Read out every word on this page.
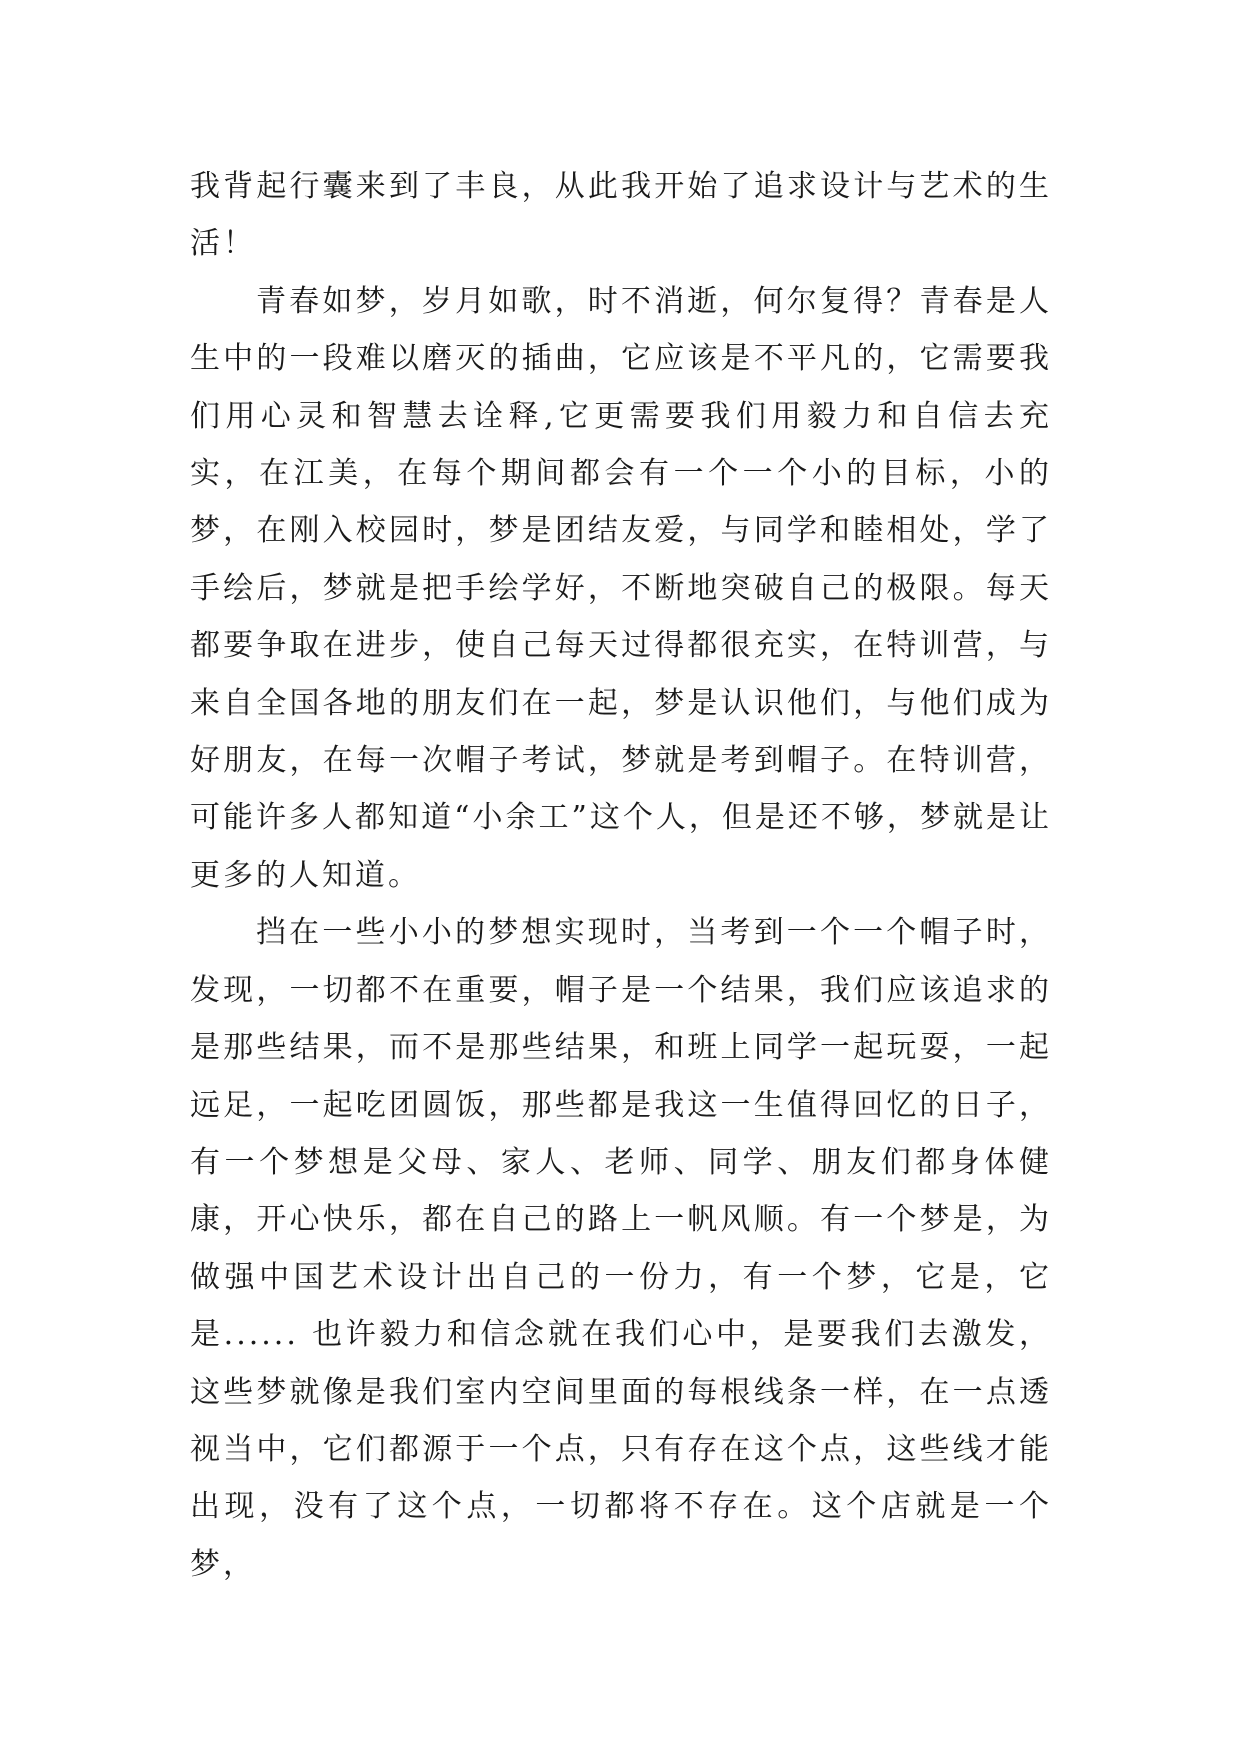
我背起行囊来到了丰良，从此我开始了追求设计与艺术的生活！

青春如梦，岁月如歌，时不消逝，何尔复得？青春是人生中的一段难以磨灭的插曲，它应该是不平凡的，它需要我们用心灵和智慧去诠释,它更需要我们用毅力和自信去充实，在江美，在每个期间都会有一个一个小的目标，小的梦，在刚入校园时，梦是团结友爱，与同学和睦相处，学了手绘后，梦就是把手绘学好，不断地突破自己的极限。每天都要争取在进步，使自己每天过得都很充实，在特训营，与来自全国各地的朋友们在一起，梦是认识他们，与他们成为好朋友，在每一次帽子考试，梦就是考到帽子。在特训营，可能许多人都知道“小余工”这个人，但是还不够，梦就是让更多的人知道。

挡在一些小小的梦想实现时，当考到一个一个帽子时，发现，一切都不在重要，帽子是一个结果，我们应该追求的是那些结果，而不是那些结果，和班上同学一起玩耍，一起远足，一起吃团圆饭，那些都是我这一生值得回忆的日子，有一个梦想是父母、家人、老师、同学、朋友们都身体健康，开心快乐，都在自己的路上一帆风顺。有一个梦是，为做强中国艺术设计出自己的一份力，有一个梦，它是，它是...... 也许毅力和信念就在我们心中，是要我们去激发，这些梦就像是我们室内空间里面的每根线条一样，在一点透视当中，它们都源于一个点，只有存在这个点，这些线才能出现，没有了这个点，一切都将不存在。这个店就是一个梦，
